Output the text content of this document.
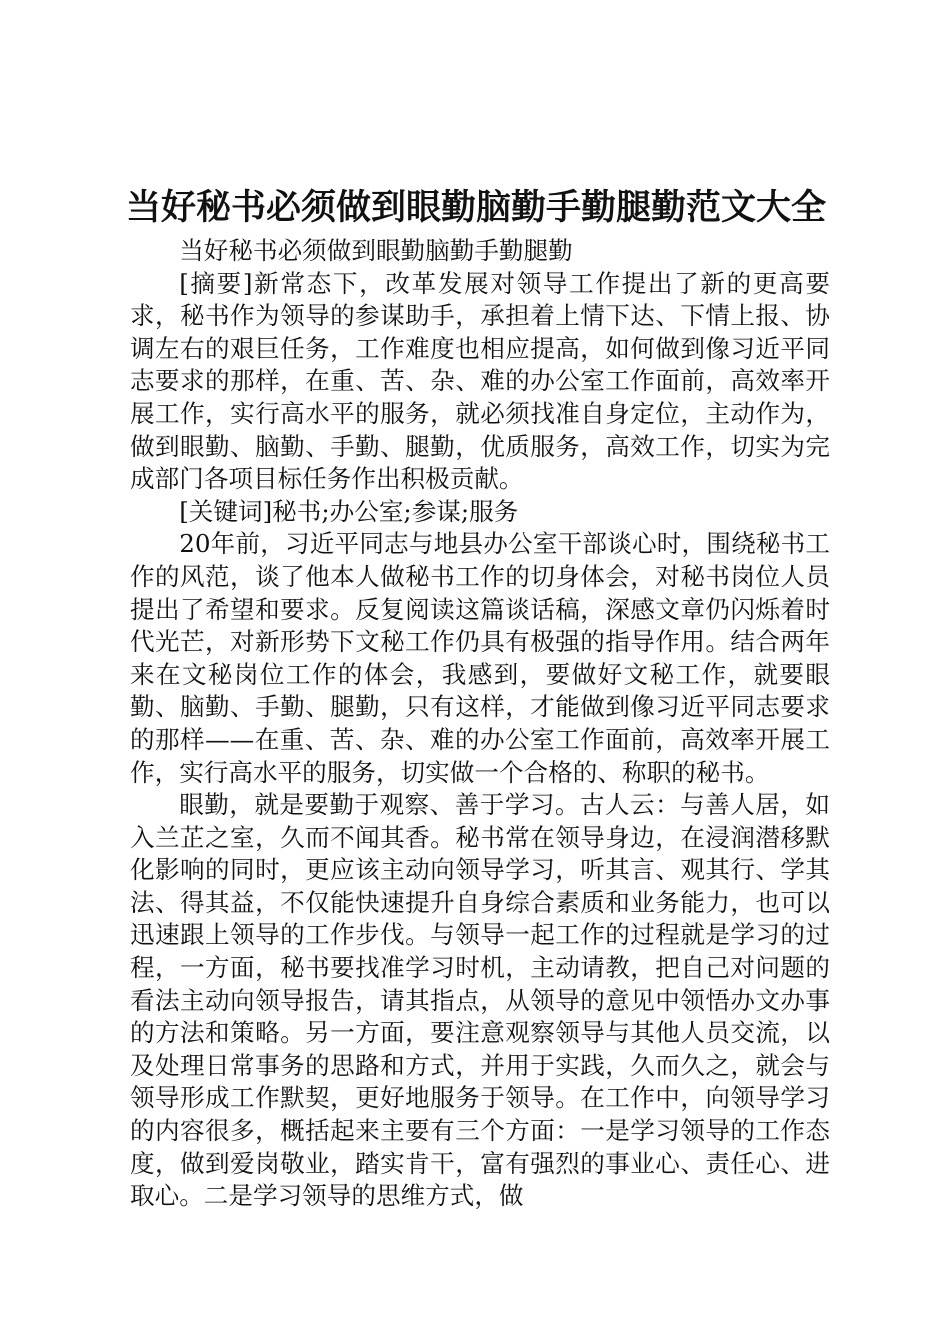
当好秘书必须做到眼勤脑勤手勤腿勤范文大全

当好秘书必须做到眼勤脑勤手勤腿勤

[摘要]新常态下，改革发展对领导工作提出了新的更高要求，秘书作为领导的参谋助手，承担着上情下达、下情上报、协调左右的艰巨任务，工作难度也相应提高，如何做到像习近平同志要求的那样，在重、苦、杂、难的办公室工作面前，高效率开展工作，实行高水平的服务，就必须找准自身定位，主动作为，做到眼勤、脑勤、手勤、腿勤，优质服务，高效工作，切实为完成部门各项目标任务作出积极贡献。

[关键词]秘书;办公室;参谋;服务

20年前，习近平同志与地县办公室干部谈心时，围绕秘书工作的风范，谈了他本人做秘书工作的切身体会，对秘书岗位人员提出了希望和要求。反复阅读这篇谈话稿，深感文章仍闪烁着时代光芒，对新形势下文秘工作仍具有极强的指导作用。结合两年来在文秘岗位工作的体会，我感到，要做好文秘工作，就要眼勤、脑勤、手勤、腿勤，只有这样，才能做到像习近平同志要求的那样——在重、苦、杂、难的办公室工作面前，高效率开展工作，实行高水平的服务，切实做一个合格的、称职的秘书。

眼勤，就是要勤于观察、善于学习。古人云：与善人居，如入兰芷之室，久而不闻其香。秘书常在领导身边，在浸润潜移默化影响的同时，更应该主动向领导学习，听其言、观其行、学其法、得其益，不仅能快速提升自身综合素质和业务能力，也可以迅速跟上领导的工作步伐。与领导一起工作的过程就是学习的过程，一方面，秘书要找准学习时机，主动请教，把自己对问题的看法主动向领导报告，请其指点，从领导的意见中领悟办文办事的方法和策略。另一方面，要注意观察领导与其他人员交流，以及处理日常事务的思路和方式，并用于实践，久而久之，就会与领导形成工作默契，更好地服务于领导。在工作中，向领导学习的内容很多，概括起来主要有三个方面：一是学习领导的工作态度，做到爱岗敬业，踏实肯干，富有强烈的事业心、责任心、进取心。二是学习领导的思维方式，做
